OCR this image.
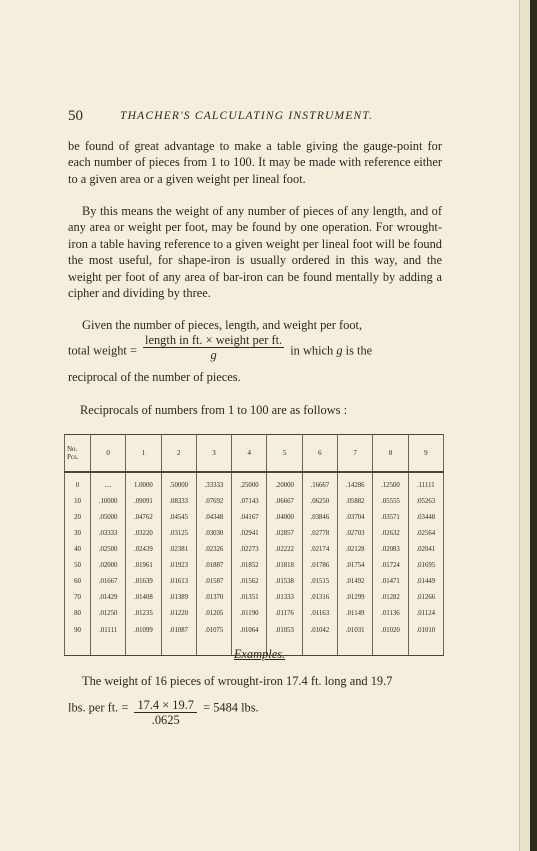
50	THACHER'S CALCULATING INSTRUMENT.

be found of great advantage to make a table giving the gauge-point for each number of pieces from 1 to 100. It may be made with reference either to a given area or a given weight per lineal foot.

By this means the weight of any number of pieces of any length, and of any area or weight per foot, may be found by one operation. For wrought-iron a table having reference to a given weight per lineal foot will be found the most useful, for shape-iron is usually ordered in this way, and the weight per foot of any area of bar-iron can be found mentally by adding a cipher and dividing by three.

Given the number of pieces, length, and weight per foot,

total weight = $\frac{\text{length in ft. × weight per ft.}}{g}$ in which g is the

reciprocal of the number of pieces.

Reciprocals of numbers from 1 to 100 are as follows :
No.
Pcs.	0	1	2	3	4	5	6	7	8	9
0	....	1.0000	.50000	.33333	.25000	.20000	.16667	.14286	.12500	.11111
10	.10000	.09091	.08333	.07692	.07143	.06667	.06250	.05882	.05555	.05263
20	.05000	.04762	.04545	.04348	.04167	.04000	.03846	.03704	.03571	.03448
30	.03333	.03220	.03125	.03030	.02941	.02857	.02778	.02703	.02632	.02564
40	.02500	.02439	.02381	.02326	.02273	.02222	.02174	.02128	.02083	.02041
50	.02000	.01961	.01923	.01887	.01852	.01818	.01786	.01754	.01724	.01695
60	.01667	.01639	.01613	.01587	.01562	.01538	.01515	.01492	.01471	.01449
70	.01429	.01408	.01389	.01370	.01351	.01333	.01316	.01299	.01282	.01266
80	.01250	.01235	.01220	.01205	.01190	.01176	.01163	.01149	.01136	.01124
90	.01111	.01099	.01087	.01075	.01064	.01053	.01042	.01031	.01020	.01010
Examples.

The weight of 16 pieces of wrought-iron 17.4 ft. long and 19.7

lbs. per ft. = $\frac{17.4 \times 19.7}{.0625} = 5484$ lbs.
